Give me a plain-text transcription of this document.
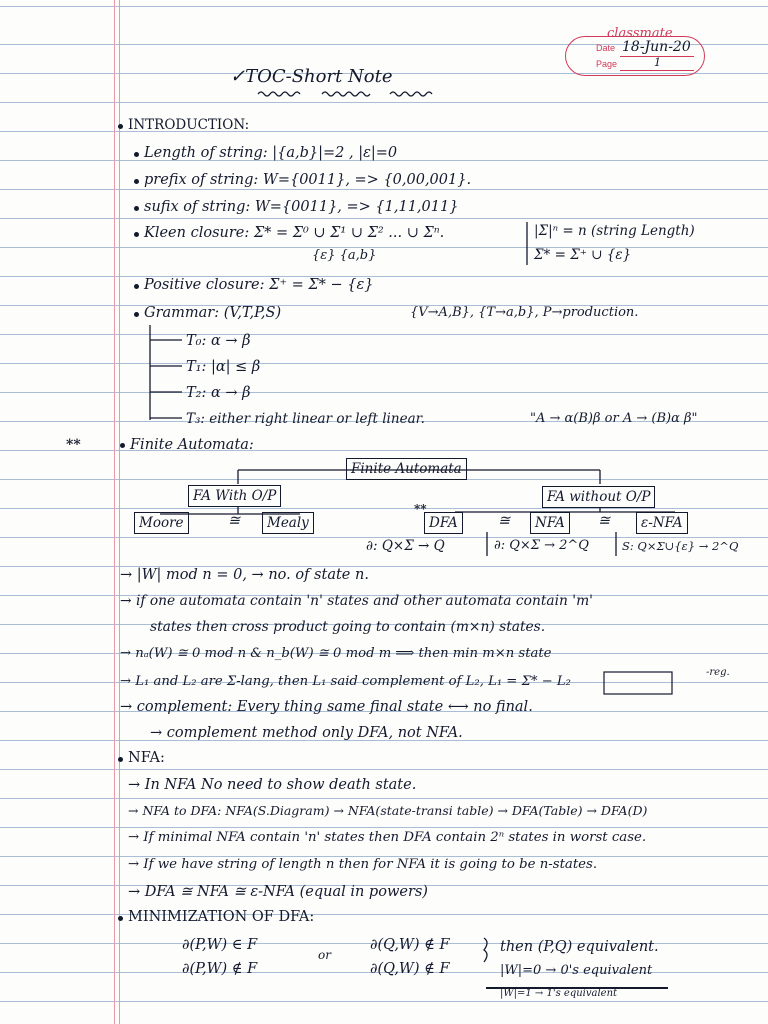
classmate
Date 18-Jun-20
Page	1
✓TOC-Short Note
INTRODUCTION:
Length of string: |{a,b}|=2 , |ε|=0
prefix of string: W={0011}, => {0,00,001}.
sufix of string: W={0011}, => {1,11,011}
Kleen closure: Σ* = Σ⁰ ∪ Σ¹ ∪ Σ² ... ∪ Σⁿ.
{ε} {a,b}
|Σ|ⁿ = n (string Length)
Σ* = Σ⁺ ∪ {ε}
Positive closure: Σ⁺ = Σ* − {ε}
Grammar: (V,T,P,S)	{V→A,B}, {T→a,b}, P→production.
T₀: α → β
T₁: |α| ≤ β
T₂: α → β
T₃: either right linear or left linear.	"A → α(B)β or A → (B)α β"
**	Finite Automata:
Finite Automata
FA With O/P	FA without O/P
Moore	≅	Mealy
**
DFA	≅	NFA	≅	ε-NFA
∂: Q×Σ → Q	∂: Q×Σ → 2^Q	S: Q×Σ∪{ε} → 2^Q
→ |W| mod n = 0, → no. of state n.
→ if one automata contain 'n' states and other automata contain 'm'
states then cross product going to contain (m×n) states.
→ nₐ(W) ≅ 0 mod n & n_b(W) ≅ 0 mod m ⟹ then min m×n state
→ L₁ and L₂ are Σ-lang, then L₁ said complement of L₂, L₁ = Σ* − L₂
-reg.
→ complement: Every thing same final state ⟷ no final.
→ complement method only DFA, not NFA.
NFA:
→ In NFA No need to show death state.
→ NFA to DFA: NFA(S.Diagram) → NFA(state-transi table) → DFA(Table) → DFA(D)
→ If minimal NFA contain 'n' states then DFA contain 2ⁿ states in worst case.
→ If we have string of length n then for NFA it is going to be n-states.
→ DFA ≅ NFA ≅ ε-NFA (equal in powers)
MINIMIZATION OF DFA:
∂(P,W) ∈ F
or
∂(Q,W) ∉ F
∂(P,W) ∉ F	∂(Q,W) ∉ F
then (P,Q) equivalent.
|W|=0 → 0's equivalent
|W|=1 → 1's equivalent
